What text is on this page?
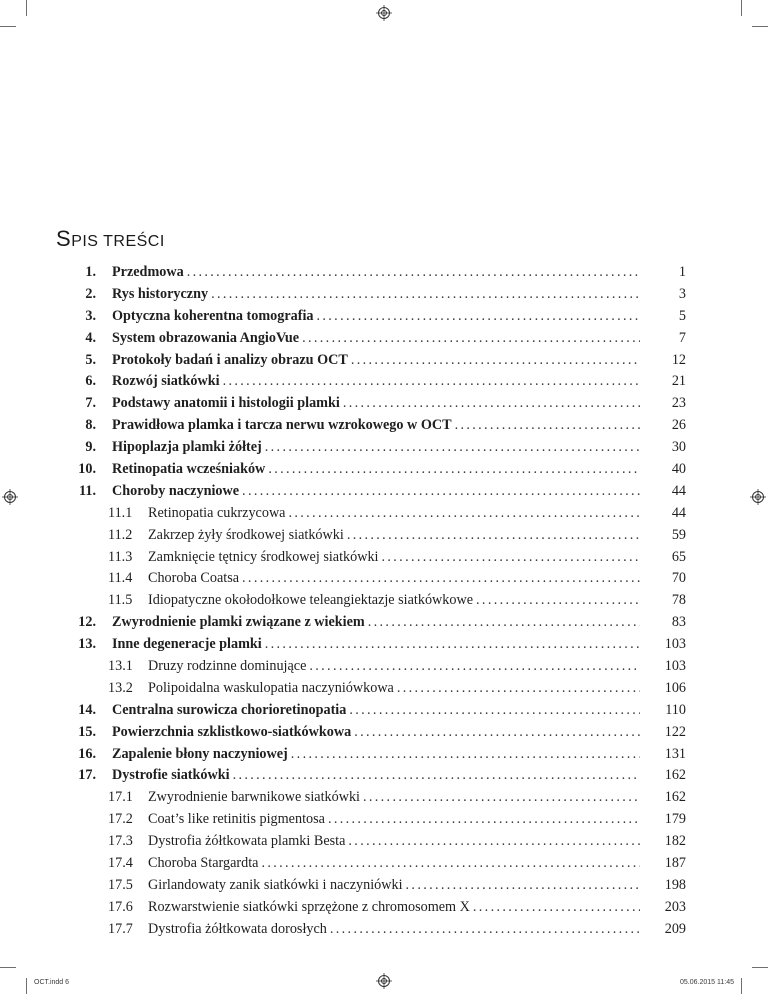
SPIS TREŚCI
1. Przedmowa . . .	1
2. Rys historyczny . . .	3
3. Optyczna koherentna tomografia . . .	5
4. System obrazowania AngioVue . . .	7
5. Protokoły badań i analizy obrazu OCT . . .	12
6. Rozwój siatkówki . . .	21
7. Podstawy anatomii i histologii plamki . . .	23
8. Prawidłowa plamka i tarcza nerwu wzrokowego w OCT . . .	26
9. Hipoplazja plamki żółtej . . .	30
10. Retinopatia wcześniaków . . .	40
11. Choroby naczyniowe . . .	44
11.1	Retinopatia cukrzycowa . . .	44
11.2	Zakrzep żyły środkowej siatkówki . . .	59
11.3	Zamknięcie tętnicy środkowej siatkówki . . .	65
11.4	Choroba Coatsa . . .	70
11.5	Idiopatyczne okołodołkowe teleangiektazje siatkówkowe . . .	78
12. Zwyrodnienie plamki związane z wiekiem . . .	83
13. Inne degeneracje plamki . . .	103
13.1	Druzy rodzinne dominujące . . .	103
13.2	Polipoidalna waskulopatia naczyniówkowa . . .	106
14. Centralna surowicza chorioretinopatia . . .	110
15. Powierzchnia szklistkowo-siatkówkowa . . .	122
16. Zapalenie błony naczyniowej . . .	131
17. Dystrofie siatkówki . . .	162
17.1	Zwyrodnienie barwnikowe siatkówki . . .	162
17.2	Coat’s like retinitis pigmentosa . . .	179
17.3	Dystrofia żółtkowata plamki Besta . . .	182
17.4	Choroba Stargardta . . .	187
17.5	Girlandowaty zanik siatkówki i naczyniówki . . .	198
17.6	Rozwarstwienie siatkówki sprzężone z chromosomem X . . .	203
17.7	Dystrofia żółtkowata dorosłych . . .	209
OCT.indd 6	05.06.2015 11:45
